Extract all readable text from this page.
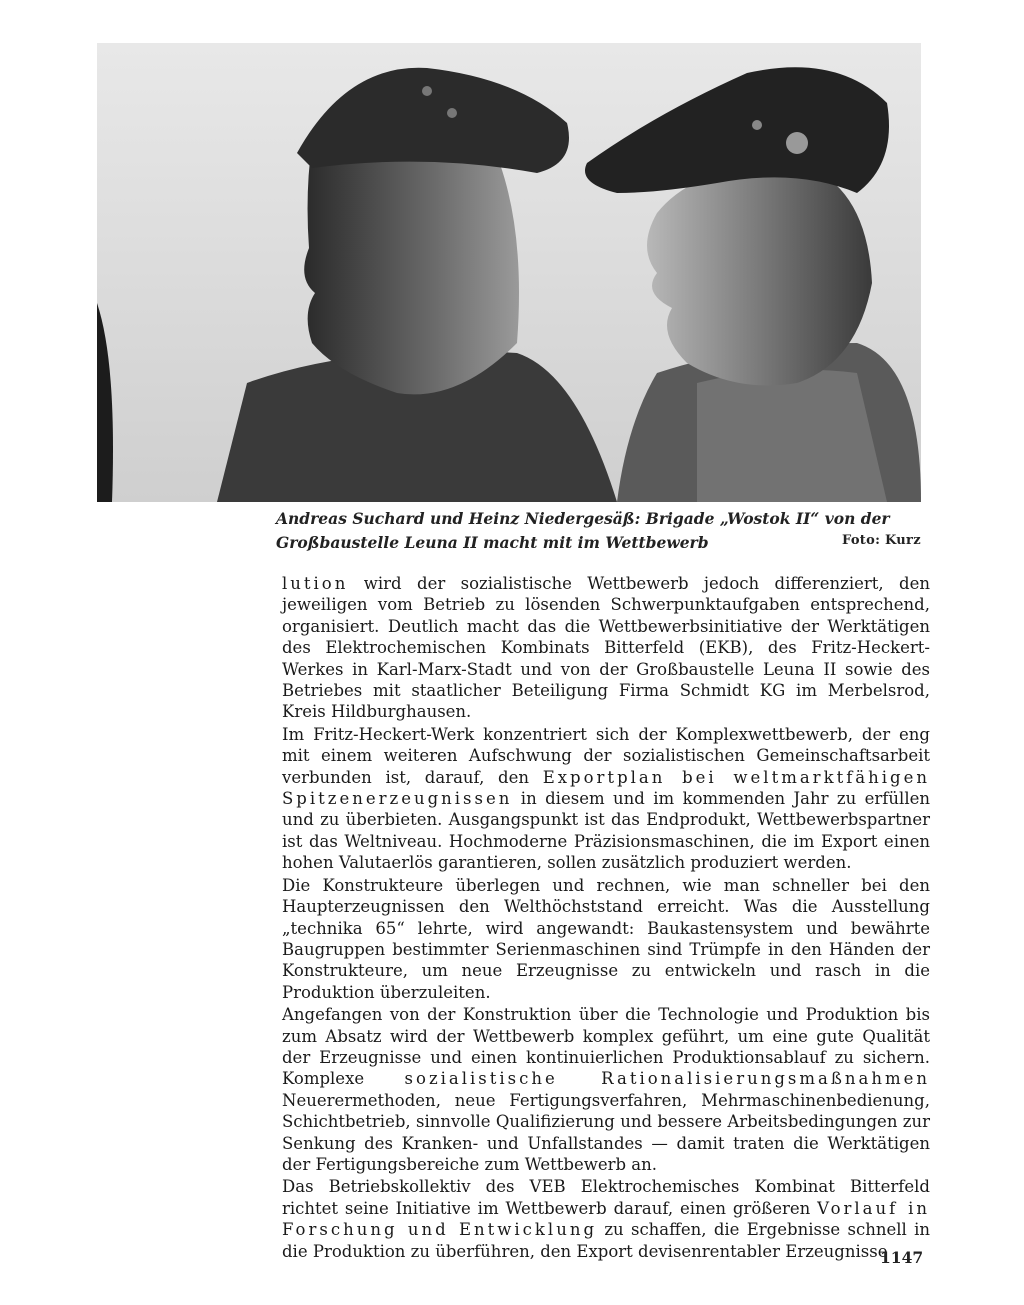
Andreas Suchard und Heinz Niedergesäß: Brigade „Wostok II“ von der Großbaustelle Leuna II macht mit im Wettbewerb	Foto: Kurz

lution wird der sozialistische Wettbewerb jedoch differenziert, den jeweiligen vom Betrieb zu lösenden Schwerpunktaufgaben entsprechend, organisiert. Deutlich macht das die Wettbewerbsinitiative der Werktätigen des Elektrochemischen Kombinats Bitterfeld (EKB), des Fritz-Heckert-Werkes in Karl-Marx-Stadt und von der Großbaustelle Leuna II sowie des Betriebes mit staatlicher Beteiligung Firma Schmidt KG im Merbelsrod, Kreis Hildburghausen.

Im Fritz-Heckert-Werk konzentriert sich der Komplexwettbewerb, der eng mit einem weiteren Aufschwung der sozialistischen Gemeinschaftsarbeit verbunden ist, darauf, den Exportplan bei weltmarktfähigen Spitzenerzeugnissen in diesem und im kommenden Jahr zu erfüllen und zu überbieten. Ausgangspunkt ist das Endprodukt, Wettbewerbspartner ist das Weltniveau. Hochmoderne Präzisionsmaschinen, die im Export einen hohen Valutaerlös garantieren, sollen zusätzlich produziert werden.

Die Konstrukteure überlegen und rechnen, wie man schneller bei den Haupterzeugnissen den Welthöchststand erreicht. Was die Ausstellung „technika 65“ lehrte, wird angewandt: Baukastensystem und bewährte Baugruppen bestimmter Serienmaschinen sind Trümpfe in den Händen der Konstrukteure, um neue Erzeugnisse zu entwickeln und rasch in die Produktion überzuleiten.

Angefangen von der Konstruktion über die Technologie und Produktion bis zum Absatz wird der Wettbewerb komplex geführt, um eine gute Qualität der Erzeugnisse und einen kontinuierlichen Produktionsablauf zu sichern. Komplexe sozialistische Rationalisierungsmaßnahmen Neuerermethoden, neue Fertigungsverfahren, Mehrmaschinenbedienung, Schichtbetrieb, sinnvolle Qualifizierung und bessere Arbeitsbedingungen zur Senkung des Kranken- und Unfallstandes — damit traten die Werktätigen der Fertigungsbereiche zum Wettbewerb an.

Das Betriebskollektiv des VEB Elektrochemisches Kombinat Bitterfeld richtet seine Initiative im Wettbewerb darauf, einen größeren Vorlauf in Forschung und Entwicklung zu schaffen, die Ergebnisse schnell in die Produktion zu überführen, den Export devisenrentabler Erzeugnisse

1147
